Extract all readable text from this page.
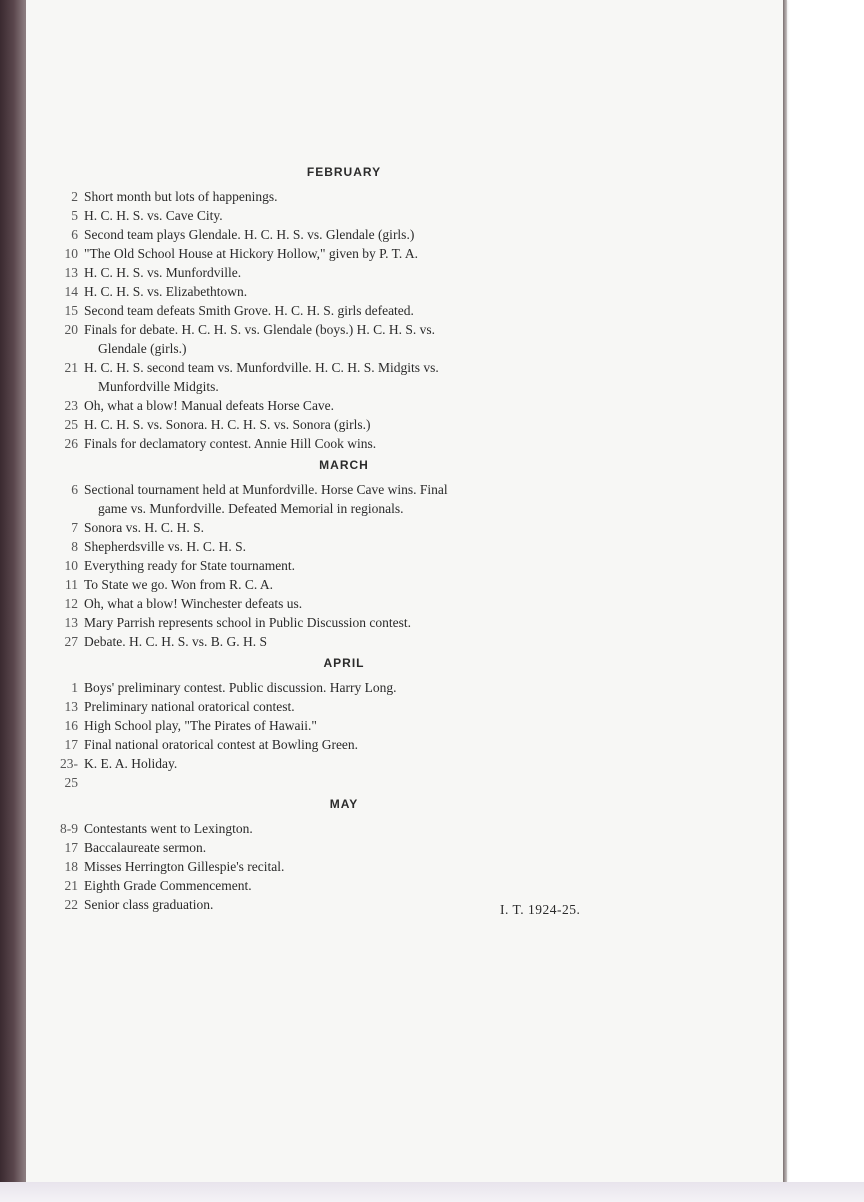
FEBRUARY
2 Short month but lots of happenings.
5 H. C. H. S. vs. Cave City.
6 Second team plays Glendale. H. C. H. S. vs. Glendale (girls.)
10 "The Old School House at Hickory Hollow," given by P. T. A.
13 H. C. H. S. vs. Munfordville.
14 H. C. H. S. vs. Elizabethtown.
15 Second team defeats Smith Grove. H. C. H. S. girls defeated.
20 Finals for debate. H. C. H. S. vs. Glendale (boys.) H. C. H. S. vs.
Glendale (girls.)
21 H. C. H. S. second team vs. Munfordville. H. C. H. S. Midgits vs.
Munfordville Midgits.
23 Oh, what a blow! Manual defeats Horse Cave.
25 H. C. H. S. vs. Sonora. H. C. H. S. vs. Sonora (girls.)
26 Finals for declamatory contest. Annie Hill Cook wins.
MARCH
6 Sectional tournament held at Munfordville. Horse Cave wins. Final
game vs. Munfordville. Defeated Memorial in regionals.
7 Sonora vs. H. C. H. S.
8 Shepherdsville vs. H. C. H. S.
10 Everything ready for State tournament.
11 To State we go. Won from R. C. A.
12 Oh, what a blow! Winchester defeats us.
13 Mary Parrish represents school in Public Discussion contest.
27 Debate. H. C. H. S. vs. B. G. H. S
APRIL
1 Boys' preliminary contest. Public discussion. Harry Long.
13 Preliminary national oratorical contest.
16 High School play, "The Pirates of Hawaii."
17 Final national oratorical contest at Bowling Green.
23-25
K. E. A. Holiday.
MAY
8-9 Contestants went to Lexington.
17 Baccalaureate sermon.
18 Misses Herrington Gillespie's recital.
21 Eighth Grade Commencement.
22 Senior class graduation.	I. T. 1924-25.
